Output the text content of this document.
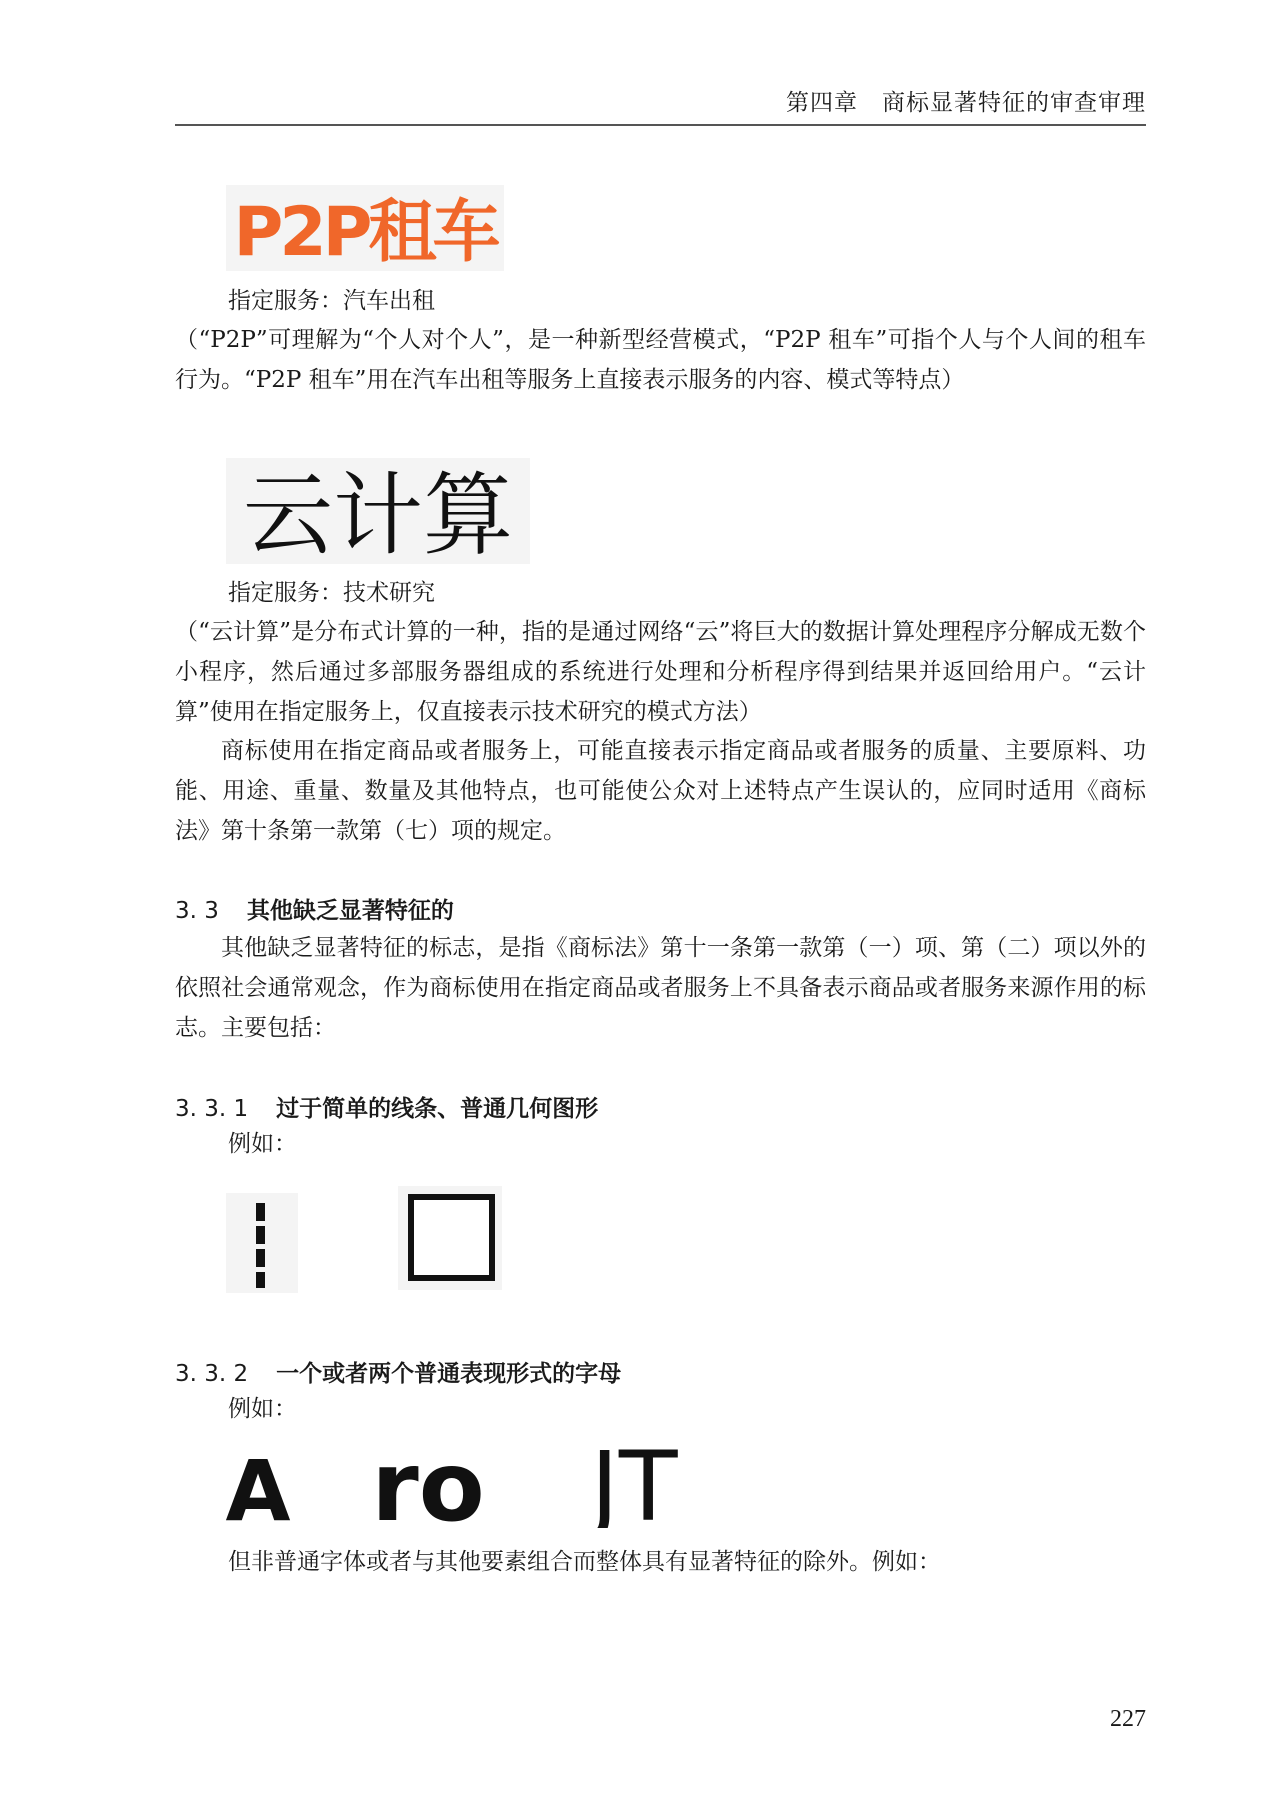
第四章　商标显著特征的审查审理
P2P租车
指定服务：汽车出租
（“P2P”可理解为“个人对个人”，是一种新型经营模式，“P2P 租车”可指个人与个人间的租车行为。“P2P 租车”用在汽车出租等服务上直接表示服务的内容、模式等特点）
云计算
指定服务：技术研究
（“云计算”是分布式计算的一种，指的是通过网络“云”将巨大的数据计算处理程序分解成无数个小程序，然后通过多部服务器组成的系统进行处理和分析程序得到结果并返回给用户。“云计算”使用在指定服务上，仅直接表示技术研究的模式方法）
商标使用在指定商品或者服务上，可能直接表示指定商品或者服务的质量、主要原料、功能、用途、重量、数量及其他特点，也可能使公众对上述特点产生误认的，应同时适用《商标法》第十条第一款第（七）项的规定。
3. 3 其他缺乏显著特征的
其他缺乏显著特征的标志，是指《商标法》第十一条第一款第（一）项、第（二）项以外的依照社会通常观念，作为商标使用在指定商品或者服务上不具备表示商品或者服务来源作用的标志。主要包括：
3. 3. 1 过于简单的线条、普通几何图形
例如：
3. 3. 2 一个或者两个普通表现形式的字母
例如：
A ro JT
但非普通字体或者与其他要素组合而整体具有显著特征的除外。例如：
227
